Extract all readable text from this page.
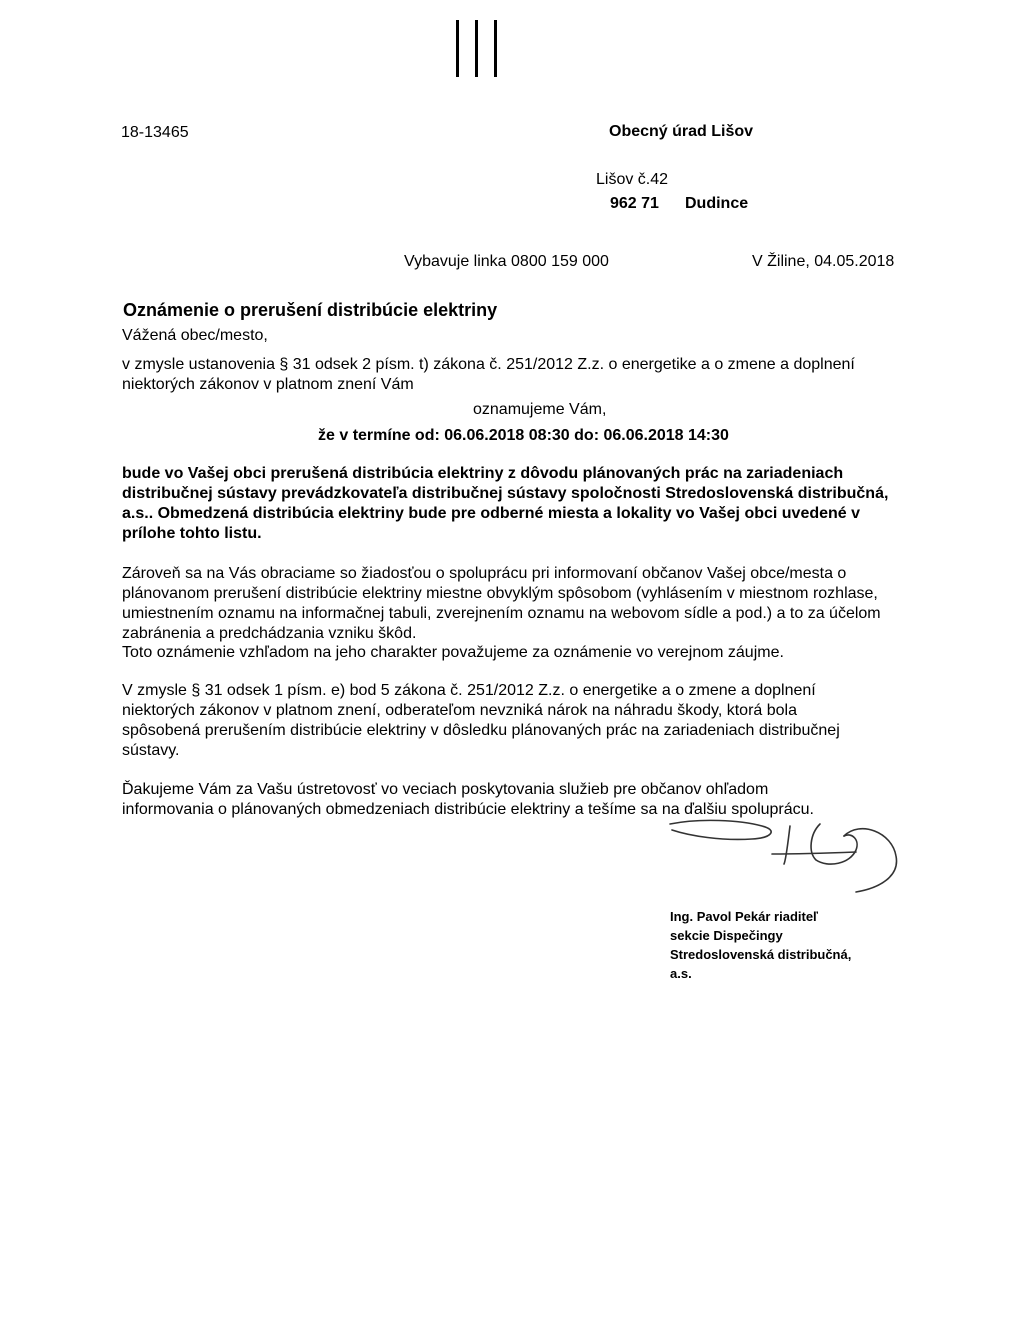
18-13465	Obecný úrad Lišov
Lišov č.42
962 71 Dudince
Vybavuje linka 0800 159 000	V Žiline, 04.05.2018
Oznámenie o prerušení distribúcie elektriny
Vážená obec/mesto,
v zmysle ustanovenia § 31 odsek 2 písm. t) zákona č. 251/2012 Z.z. o energetike a o zmene a doplnení niektorých zákonov v platnom znení Vám
oznamujeme Vám,
že v termíne od: 06.06.2018 08:30 do: 06.06.2018 14:30
bude vo Vašej obci prerušená distribúcia elektriny z dôvodu plánovaných prác na zariadeniach distribučnej sústavy prevádzkovateľa distribučnej sústavy spoločnosti Stredoslovenská distribučná, a.s.. Obmedzená distribúcia elektriny bude pre odberné miesta a lokality vo Vašej obci uvedené v prílohe tohto listu.
Zároveň sa na Vás obraciame so žiadosťou o spoluprácu pri informovaní občanov Vašej obce/mesta o plánovanom prerušení distribúcie elektriny miestne obvyklým spôsobom (vyhlásením v miestnom rozhlase, umiestnením oznamu na informačnej tabuli, zverejnením oznamu na webovom sídle a pod.) a to za účelom zabránenia a predchádzania vzniku škôd.
Toto oznámenie vzhľadom na jeho charakter považujeme za oznámenie vo verejnom záujme.
V zmysle § 31 odsek 1 písm. e) bod 5 zákona č. 251/2012 Z.z. o energetike a o zmene a doplnení niektorých zákonov v platnom znení, odberateľom nevzniká nárok na náhradu škody, ktorá bola spôsobená prerušením distribúcie elektriny v dôsledku plánovaných prác na zariadeniach distribučnej sústavy.
Ďakujeme Vám za Vašu ústretovosť vo veciach poskytovania služieb pre občanov ohľadom informovania o plánovaných obmedzeniach distribúcie elektriny a tešíme sa na ďalšiu spoluprácu.
Ing. Pavol Pekár riaditeľ
sekcie Dispečingy
Stredoslovenská distribučná,
a.s.
